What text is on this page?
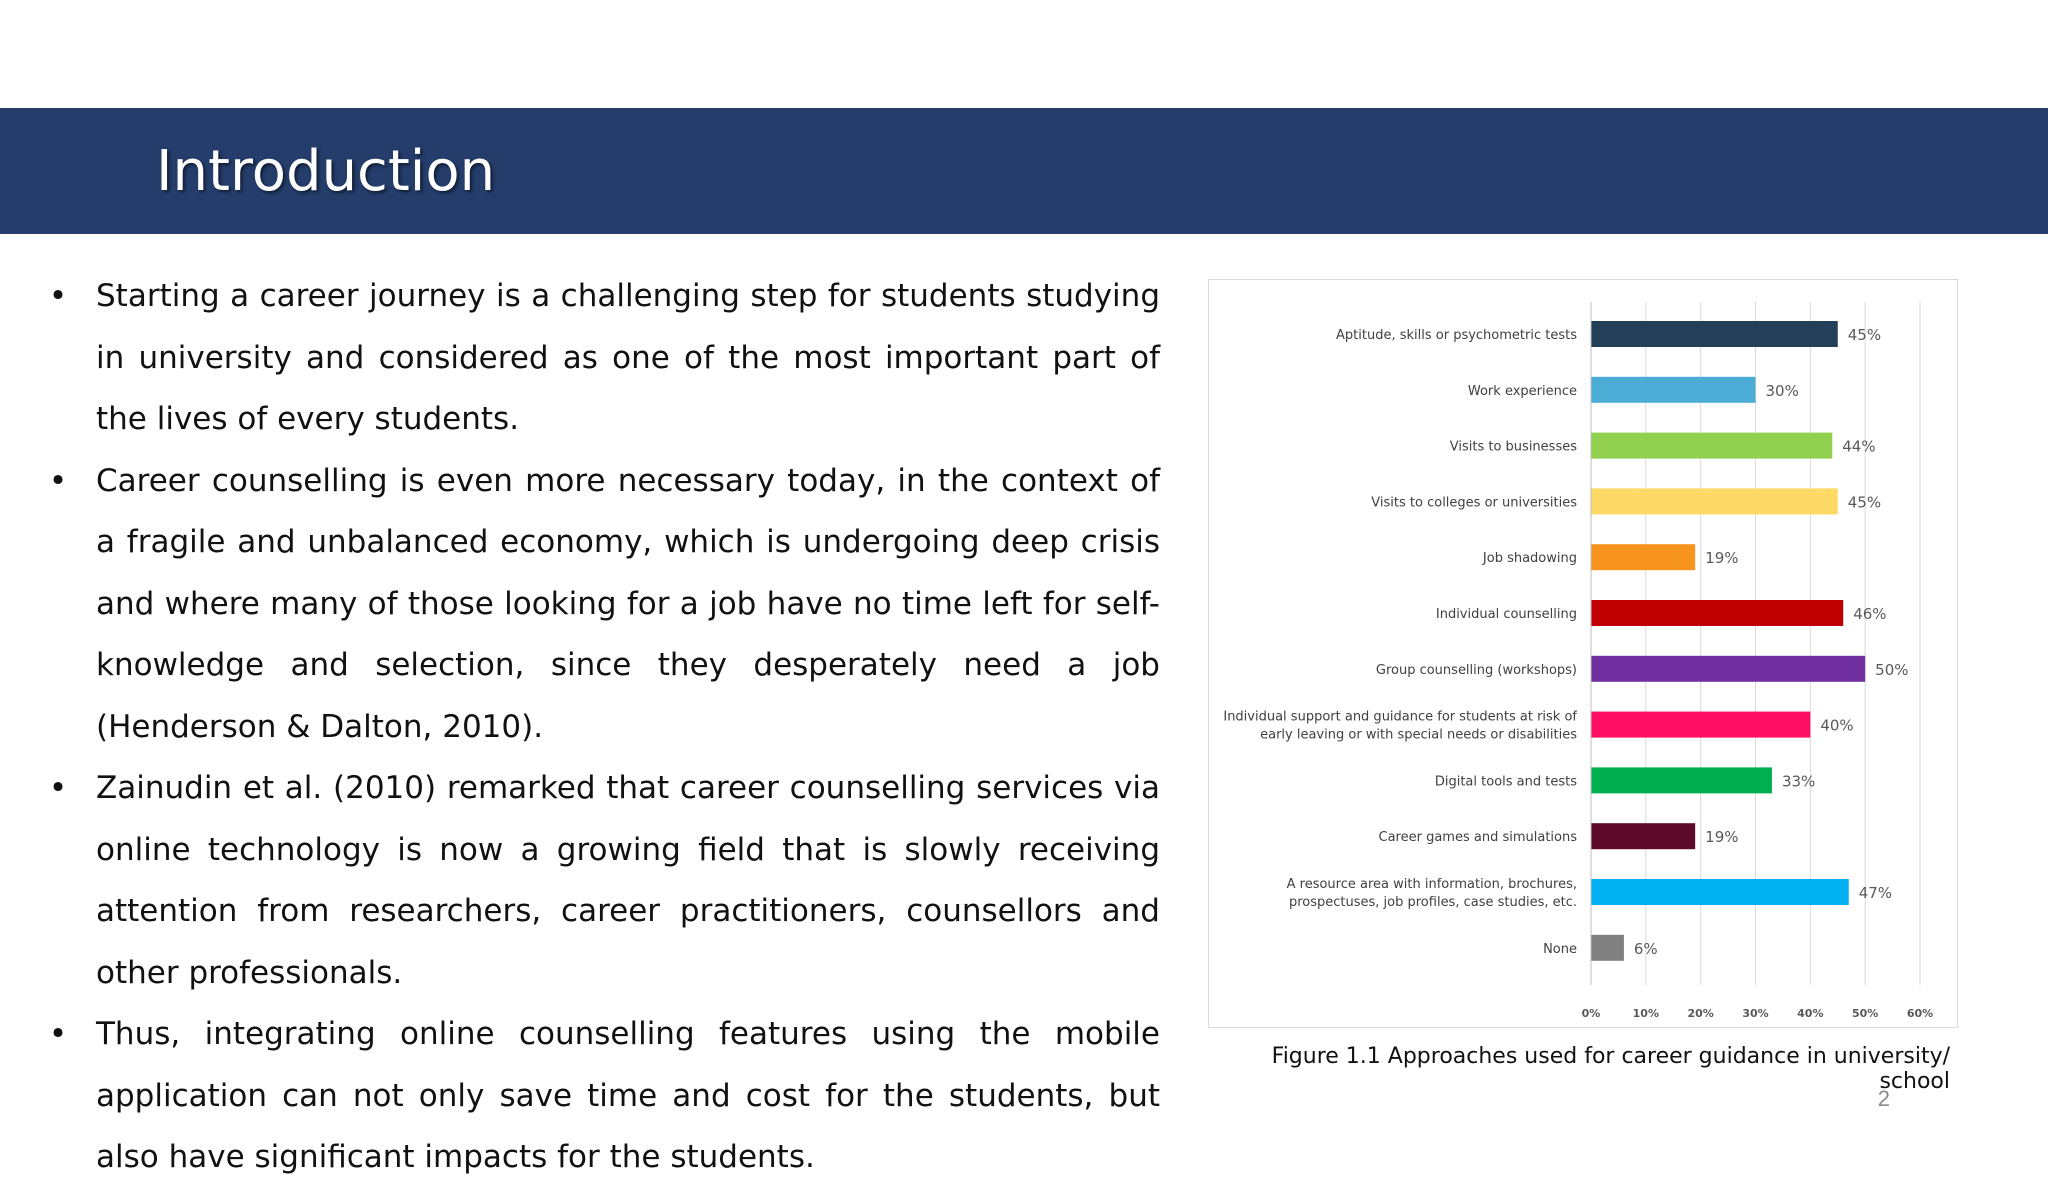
Introduction
• Starting a career journey is a challenging step for students studying in university and considered as one of the most important part of the lives of every students.
• Career counselling is even more necessary today, in the context of a fragile and unbalanced economy, which is undergoing deep crisis and where many of those looking for a job have no time left for self-knowledge and selection, since they desperately need a job (Henderson & Dalton, 2010).
• Zainudin et al. (2010) remarked that career counselling services via online technology is now a growing field that is slowly receiving attention from researchers, career practitioners, counsellors and other professionals.
• Thus, integrating online counselling features using the mobile application can not only save time and cost for the students, but also have significant impacts for the students.
0%	10%	20%	30%	40%	50%	60%
Aptitude, skills or psychometric tests	45%
Work experience	30%
Visits to businesses	44%
Visits to colleges or universities	45%
Job shadowing	19%
Individual counselling	46%
Group counselling (workshops)	50%
Individual support and guidance for students at risk of
early leaving or with special needs or disabilities
40%
Digital tools and tests	33%
Career games and simulations	19%
A resource area with information, brochures,
prospectuses, job profiles, case studies, etc.
47%
None	6%
Figure 1.1 Approaches used for career guidance in university/ school
2
